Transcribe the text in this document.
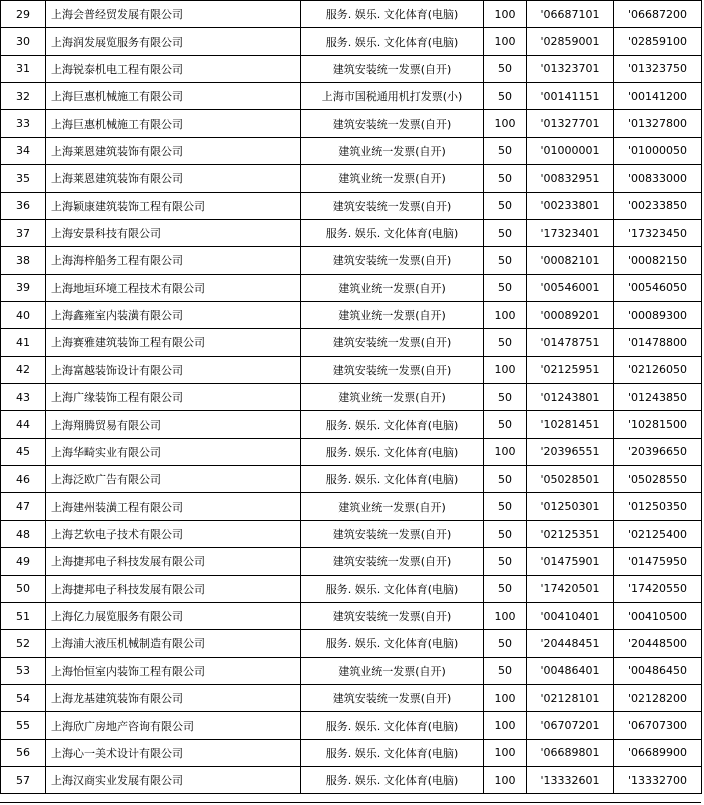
29	上海会普经贸发展有限公司	服务. 娱乐. 文化体育(电脑)	100	'06687101	'06687200
30	上海润发展览服务有限公司	服务. 娱乐. 文化体育(电脑)	100	'02859001	'02859100
31	上海锐泰机电工程有限公司	建筑安装统一发票(自开)	50	'01323701	'01323750
32	上海巨惠机械施工有限公司	上海市国税通用机打发票(小)	50	'00141151	'00141200
33	上海巨惠机械施工有限公司	建筑安装统一发票(自开)	100	'01327701	'01327800
34	上海莱恩建筑装饰有限公司	建筑业统一发票(自开)	50	'01000001	'01000050
35	上海莱恩建筑装饰有限公司	建筑业统一发票(自开)	50	'00832951	'00833000
36	上海颖康建筑装饰工程有限公司	建筑安装统一发票(自开)	50	'00233801	'00233850
37	上海安景科技有限公司	服务. 娱乐. 文化体育(电脑)	50	'17323401	'17323450
38	上海海梓船务工程有限公司	建筑安装统一发票(自开)	50	'00082101	'00082150
39	上海地垣环境工程技术有限公司	建筑业统一发票(自开)	50	'00546001	'00546050
40	上海鑫雍室内装潢有限公司	建筑业统一发票(自开)	100	'00089201	'00089300
41	上海赛雅建筑装饰工程有限公司	建筑安装统一发票(自开)	50	'01478751	'01478800
42	上海富越装饰设计有限公司	建筑安装统一发票(自开)	100	'02125951	'02126050
43	上海广缘装饰工程有限公司	建筑业统一发票(自开)	50	'01243801	'01243850
44	上海翔腾贸易有限公司	服务. 娱乐. 文化体育(电脑)	50	'10281451	'10281500
45	上海华畸实业有限公司	服务. 娱乐. 文化体育(电脑)	100	'20396551	'20396650
46	上海泛欧广告有限公司	服务. 娱乐. 文化体育(电脑)	50	'05028501	'05028550
47	上海建州装潢工程有限公司	建筑业统一发票(自开)	50	'01250301	'01250350
48	上海艺软电子技术有限公司	建筑安装统一发票(自开)	50	'02125351	'02125400
49	上海捷邦电子科技发展有限公司	建筑安装统一发票(自开)	50	'01475901	'01475950
50	上海捷邦电子科技发展有限公司	服务. 娱乐. 文化体育(电脑)	50	'17420501	'17420550
51	上海亿力展览服务有限公司	建筑安装统一发票(自开)	100	'00410401	'00410500
52	上海浦大液压机械制造有限公司	服务. 娱乐. 文化体育(电脑)	50	'20448451	'20448500
53	上海怡恒室内装饰工程有限公司	建筑业统一发票(自开)	50	'00486401	'00486450
54	上海龙基建筑装饰有限公司	建筑安装统一发票(自开)	100	'02128101	'02128200
55	上海欣广房地产咨询有限公司	服务. 娱乐. 文化体育(电脑)	100	'06707201	'06707300
56	上海心一美术设计有限公司	服务. 娱乐. 文化体育(电脑)	100	'06689801	'06689900
57	上海汉商实业发展有限公司	服务. 娱乐. 文化体育(电脑)	100	'13332601	'13332700
